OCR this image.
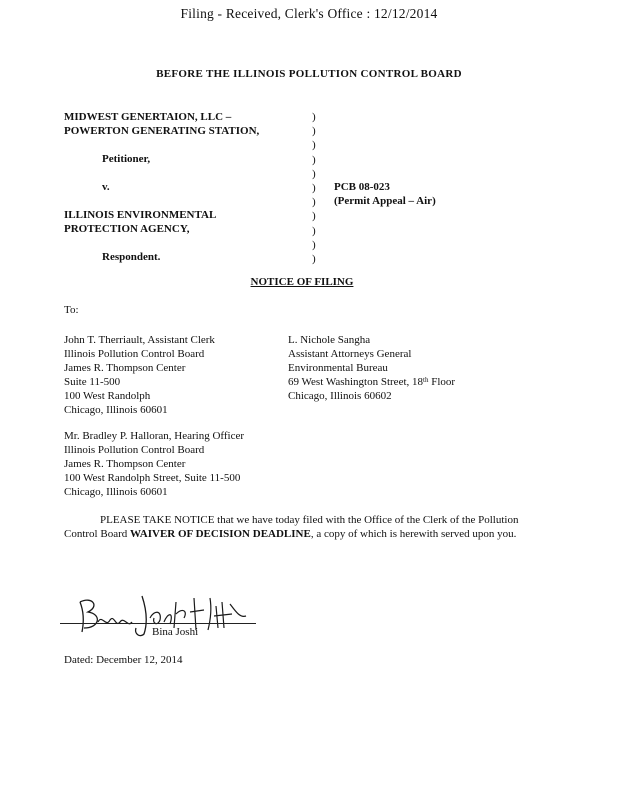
Filing - Received, Clerk's Office : 12/12/2014
BEFORE THE ILLINOIS POLLUTION CONTROL BOARD
MIDWEST GENERTAION, LLC –
POWERTON GENERATING STATION,
Petitioner,
v.
ILLINOIS ENVIRONMENTAL
PROTECTION AGENCY,
Respondent.
)
)
)
)
)
)
)
)
)
)
)
PCB 08-023
(Permit Appeal – Air)
NOTICE OF FILING
To:
John T. Therriault, Assistant Clerk
Illinois Pollution Control Board
James R. Thompson Center
Suite 11-500
100 West Randolph
Chicago, Illinois 60601
L. Nichole Sangha
Assistant Attorneys General
Environmental Bureau
69 West Washington Street, 18th Floor
Chicago, Illinois 60602
Mr. Bradley P. Halloran, Hearing Officer
Illinois Pollution Control Board
James R. Thompson Center
100 West Randolph Street, Suite 11-500
Chicago, Illinois 60601
PLEASE TAKE NOTICE that we have today filed with the Office of the Clerk of the Pollution Control Board WAIVER OF DECISION DEADLINE, a copy of which is herewith served upon you.
Bina Joshi	Bina Joshi
Dated: December 12, 2014
